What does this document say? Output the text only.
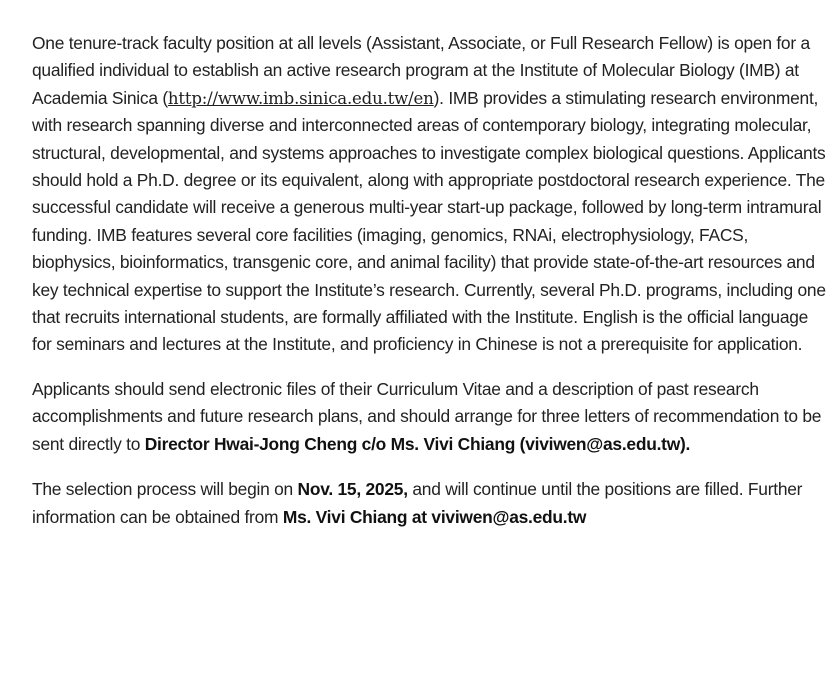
One tenure-track faculty position at all levels (Assistant, Associate, or Full Research Fellow) is open for a qualified individual to establish an active research program at the Institute of Molecular Biology (IMB) at Academia Sinica (http://www.imb.sinica.edu.tw/en). IMB provides a stimulating research environment, with research spanning diverse and interconnected areas of contemporary biology, integrating molecular, structural, developmental, and systems approaches to investigate complex biological questions. Applicants should hold a Ph.D. degree or its equivalent, along with appropriate postdoctoral research experience. The successful candidate will receive a generous multi-year start-up package, followed by long-term intramural funding. IMB features several core facilities (imaging, genomics, RNAi, electrophysiology, FACS, biophysics, bioinformatics, transgenic core, and animal facility) that provide state-of-the-art resources and key technical expertise to support the Institute’s research. Currently, several Ph.D. programs, including one that recruits international students, are formally affiliated with the Institute. English is the official language for seminars and lectures at the Institute, and proficiency in Chinese is not a prerequisite for application.

Applicants should send electronic files of their Curriculum Vitae and a description of past research accomplishments and future research plans, and should arrange for three letters of recommendation to be sent directly to Director Hwai-Jong Cheng c/o Ms. Vivi Chiang (viviwen@as.edu.tw).

The selection process will begin on Nov. 15, 2025, and will continue until the positions are filled. Further information can be obtained from Ms. Vivi Chiang at viviwen@as.edu.tw
